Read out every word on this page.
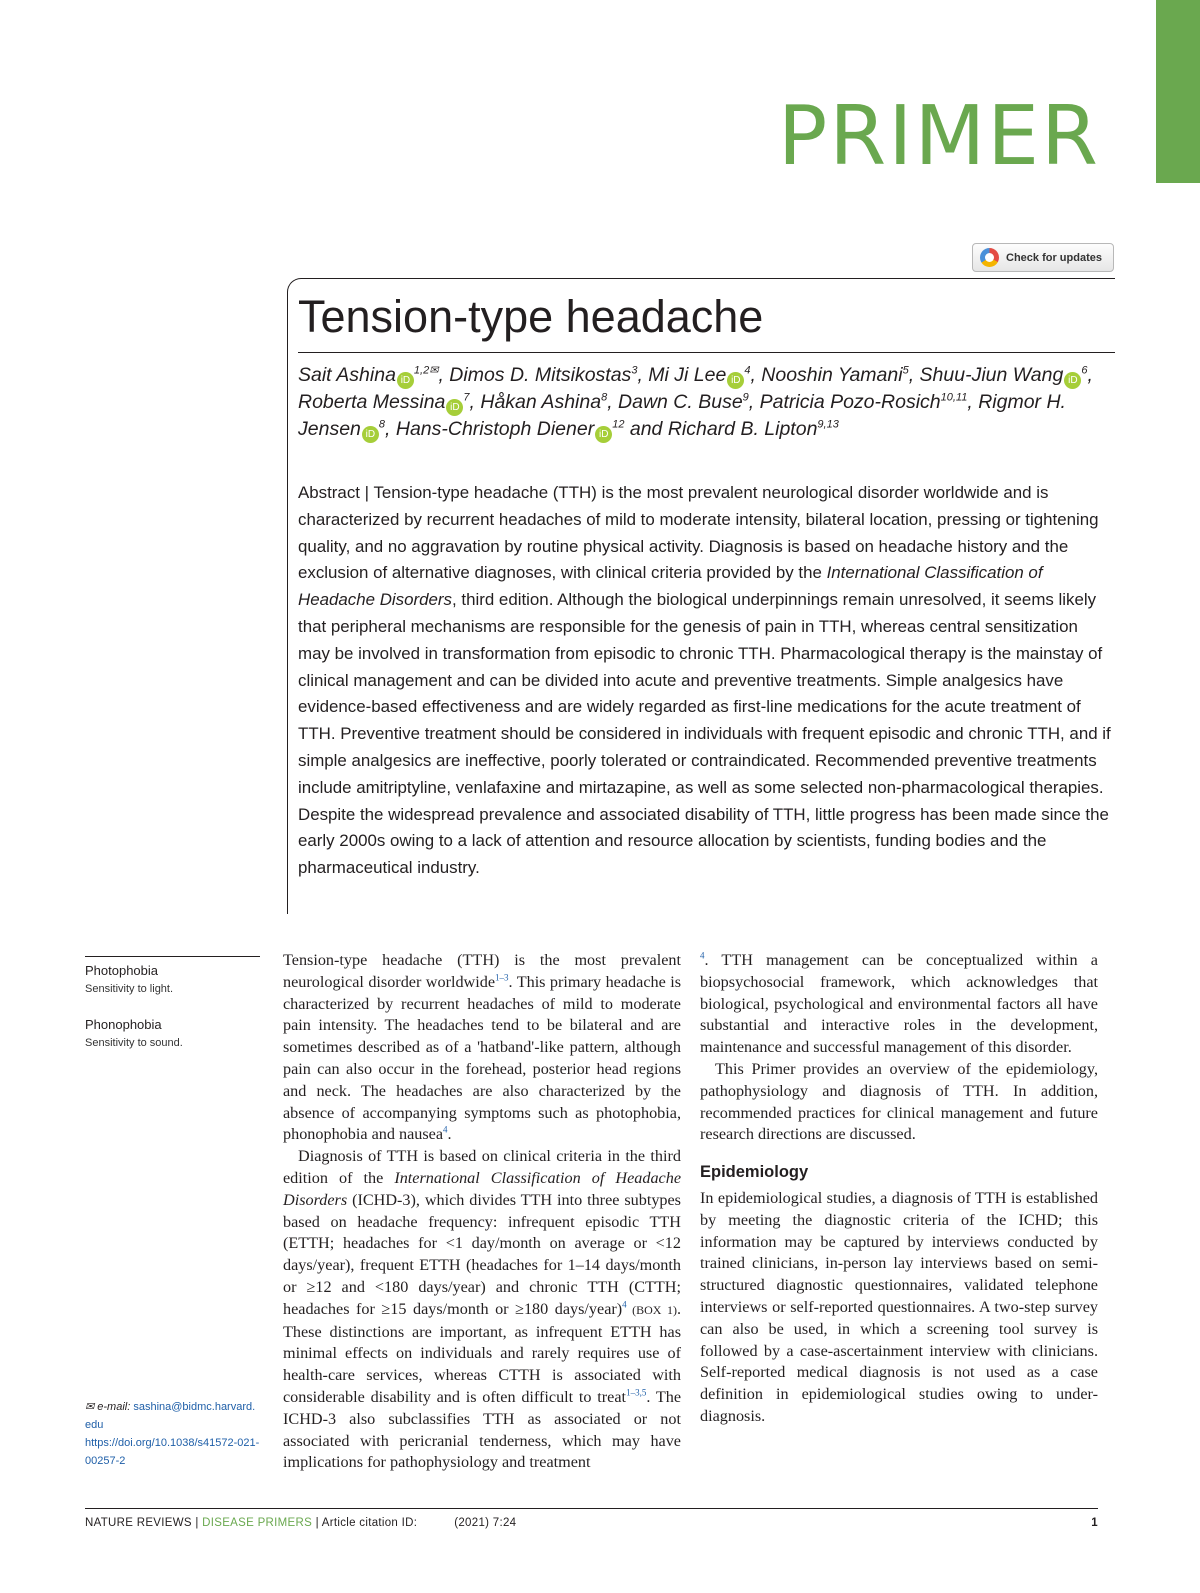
PRIMER
Check for updates
Tension-type headache
Sait Ashina $iD^{1,2✉}$, Dimos D. Mitsikostas$^3$, Mi Ji Lee $iD^4$, Nooshin Yamani$^5$, Shuu-Jiun Wang $iD^6$, Roberta Messina $iD^7$, Håkan Ashina$^8$, Dawn C. Buse$^9$, Patricia Pozo-Rosich$^{10,11}$, Rigmor H. Jensen $iD^8$, Hans-Christoph Diener $iD^{12}$ and Richard B. Lipton$^{9,13}$
Abstract | Tension-type headache (TTH) is the most prevalent neurological disorder worldwide and is characterized by recurrent headaches of mild to moderate intensity, bilateral location, pressing or tightening quality, and no aggravation by routine physical activity. Diagnosis is based on headache history and the exclusion of alternative diagnoses, with clinical criteria provided by the International Classification of Headache Disorders, third edition. Although the biological underpinnings remain unresolved, it seems likely that peripheral mechanisms are responsible for the genesis of pain in TTH, whereas central sensitization may be involved in transformation from episodic to chronic TTH. Pharmacological therapy is the mainstay of clinical management and can be divided into acute and preventive treatments. Simple analgesics have evidence-based effectiveness and are widely regarded as first-line medications for the acute treatment of TTH. Preventive treatment should be considered in individuals with frequent episodic and chronic TTH, and if simple analgesics are ineffective, poorly tolerated or contraindicated. Recommended preventive treatments include amitriptyline, venlafaxine and mirtazapine, as well as some selected non-pharmacological therapies. Despite the widespread prevalence and associated disability of TTH, little progress has been made since the early 2000s owing to a lack of attention and resource allocation by scientists, funding bodies and the pharmaceutical industry.
Photophobia
Sensitivity to light.
Phonophobia
Sensitivity to sound.
✉ e-mail: sashina@bidmc.harvard.edu
https://doi.org/10.1038/s41572-021-00257-2

Tension-type headache (TTH) is the most prevalent neurological disorder worldwide$^{1-3}$. This primary headache is characterized by recurrent headaches of mild to moderate pain intensity. The headaches tend to be bilateral and are sometimes described as of a 'hatband'-like pattern, although pain can also occur in the forehead, posterior head regions and neck. The headaches are also characterized by the absence of accompanying symptoms such as photophobia, phonophobia and nausea$^4$.

Diagnosis of TTH is based on clinical criteria in the third edition of the International Classification of Headache Disorders (ICHD-3), which divides TTH into three subtypes based on headache frequency: infrequent episodic TTH (ETTH; headaches for <1 day/month on average or <12 days/year), frequent ETTH (headaches for 1–14 days/month or ≥12 and <180 days/year) and chronic TTH (CTTH; headaches for ≥15 days/month or ≥180 days/year)$^4$ (BOX 1). These distinctions are important, as infrequent ETTH has minimal effects on individuals and rarely requires use of health-care services, whereas CTTH is associated with considerable disability and is often difficult to treat$^{1-3,5}$. The ICHD-3 also subclassifies TTH as associated or not associated with pericranial tenderness, which may have implications for pathophysiology and treatment

$^4$. TTH management can be conceptualized within a biopsychosocial framework, which acknowledges that biological, psychological and environmental factors all have substantial and interactive roles in the development, maintenance and successful management of this disorder.

This Primer provides an overview of the epidemiology, pathophysiology and diagnosis of TTH. In addition, recommended practices for clinical management and future research directions are discussed.

Epidemiology

In epidemiological studies, a diagnosis of TTH is established by meeting the diagnostic criteria of the ICHD; this information may be captured by interviews conducted by trained clinicians, in-person lay interviews based on semi-structured diagnostic questionnaires, validated telephone interviews or self-reported questionnaires. A two-step survey can also be used, in which a screening tool survey is followed by a case-ascertainment interview with clinicians. Self-reported medical diagnosis is not used as a case definition in epidemiological studies owing to under-diagnosis.

NATURE REVIEWS | DISEASE PRIMERS | Article citation ID:	(2021) 7:24	1
